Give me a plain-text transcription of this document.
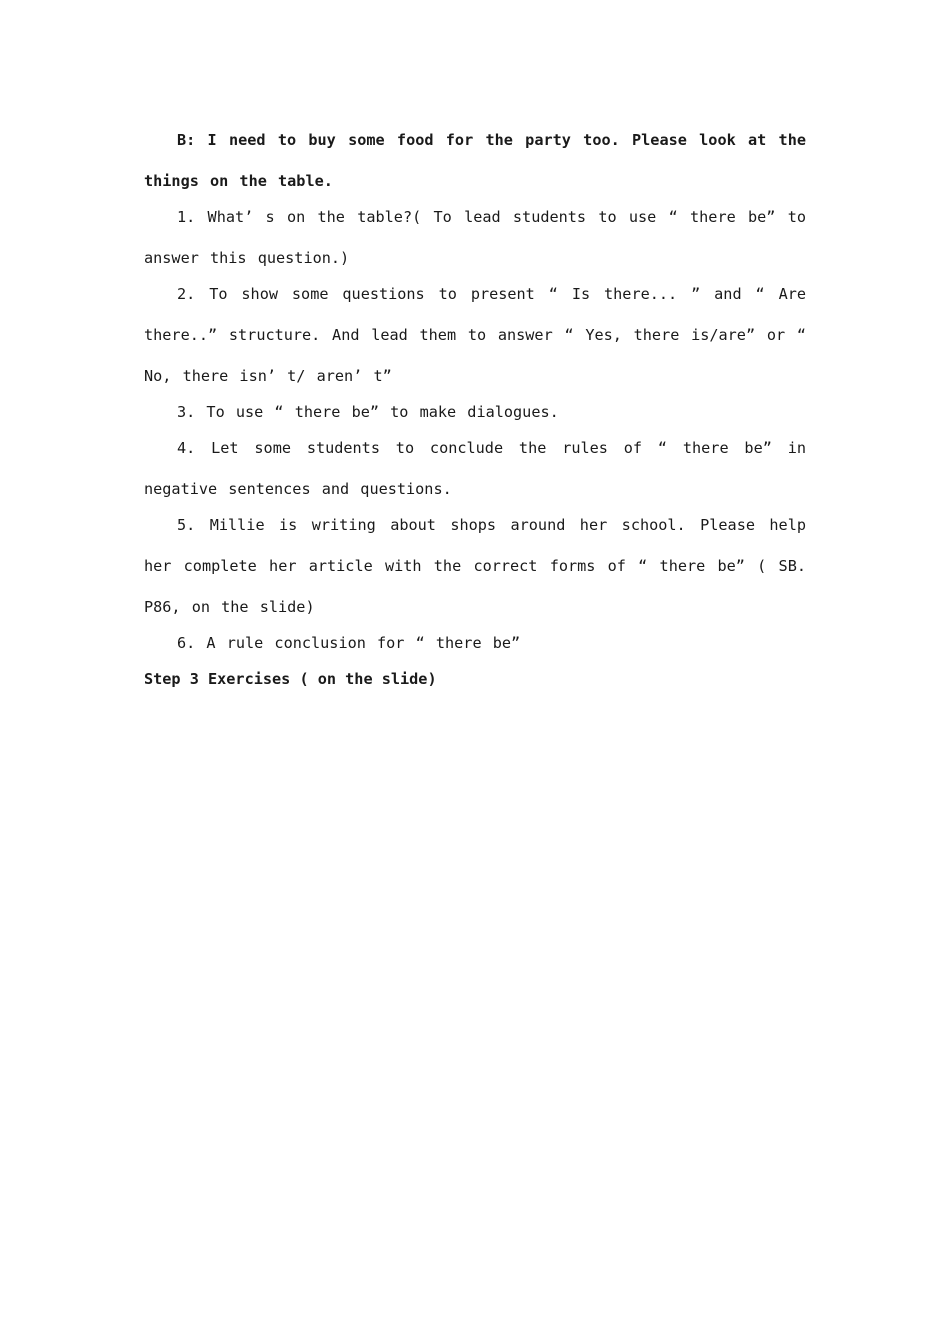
B: I need to buy some food for the party too. Please look at the things on the table.

1. What’ s on the table?( To lead students to use “ there be” to answer this question.)

2. To show some questions to present “ Is there... ” and “ Are there..” structure. And lead them to answer “ Yes, there is/are” or “ No, there isn’ t/ aren’ t”

3. To use “ there be” to make dialogues.

4. Let some students to conclude the rules of “ there be” in negative sentences and questions.

5. Millie is writing about shops around her school. Please help her complete her article with the correct forms of “ there be” ( SB. P86, on the slide)

6. A rule conclusion for “ there be”

Step 3 Exercises ( on the slide)
